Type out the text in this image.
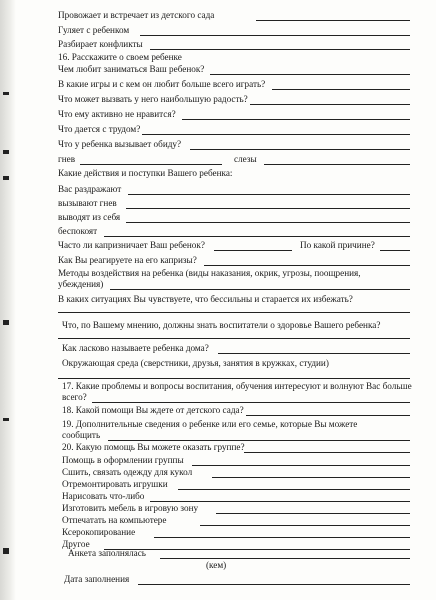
Провожает и встречает из детского сада
Гуляет с ребенком
Разбирает конфликты
16. Расскажите о своем ребенке
Чем любит заниматься Ваш ребенок?
В какие игры и с кем он любит больше всего играть?
Что может вызвать у него наибольшую радость?
Что ему активно не нравится?
Что дается с трудом?
Что у ребенка вызывает обиду?
гнев	слезы
Какие действия и поступки Вашего ребенка:
Вас раздражают
вызывают гнев
выводят из себя
беспокоят
Часто ли капризничает Ваш ребенок?	По какой причине?
Как Вы реагируете на его капризы?
Методы воздействия на ребенка (виды наказания, окрик, угрозы, поощрения,
убеждения)
В каких ситуациях Вы чувствуете, что бессильны и старается их избежать?
Что, по Вашему мнению, должны знать воспитатели о здоровье Вашего ребенка?
Как ласково называете ребенка дома?
Окружающая среда (сверстники, друзья, занятия в кружках, студии)
17. Какие проблемы и вопросы воспитания, обучения интересуют и волнуют Вас больше
всего?
18. Какой помощи Вы ждете от детского сада?
19. Дополнительные сведения о ребенке или его семье, которые Вы можете
сообщить
20. Какую помощь Вы можете оказать группе?
Помощь в оформлении группы
Сшить, связать одежду для кукол
Отремонтировать игрушки
Нарисовать что-либо
Изготовить мебель в игровую зону
Отпечатать на компьютере
Ксерокопирование
Другое
Анкета заполнялась
(кем)
Дата заполнения
